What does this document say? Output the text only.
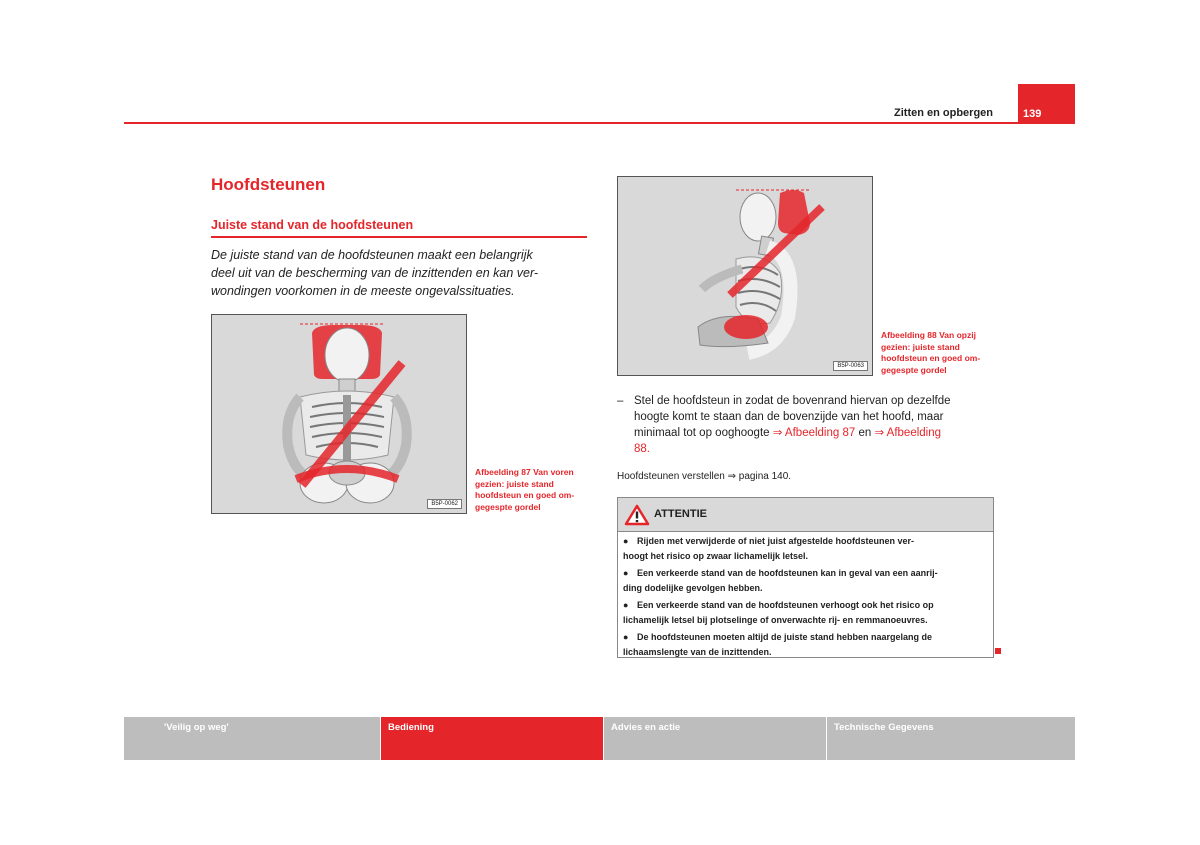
Zitten en opbergen	139
Hoofdsteunen
Juiste stand van de hoofdsteunen
De juiste stand van de hoofdsteunen maakt een belangrijk
deel uit van de bescherming van de inzittenden en kan ver-
wondingen voorkomen in de meeste ongevalssituaties.
B5P-0062
Afbeelding 87 Van voren
gezien: juiste stand
hoofdsteun en goed om-
gegespte gordel
B5P-0063
Afbeelding 88 Van opzij
gezien: juiste stand
hoofdsteun en goed om-
gegespte gordel
– Stel de hoofdsteun in zodat de bovenrand hiervan op dezelfde
hoogte komt te staan dan de bovenzijde van het hoofd, maar
minimaal tot op ooghoogte ⇒ Afbeelding 87 en ⇒ Afbeelding
88.
Hoofdsteunen verstellen ⇒ pagina 140.
ATTENTIE
● Rijden met verwijderde of niet juist afgestelde hoofdsteunen ver-
hoogt het risico op zwaar lichamelijk letsel.
● Een verkeerde stand van de hoofdsteunen kan in geval van een aanrij-
ding dodelijke gevolgen hebben.
● Een verkeerde stand van de hoofdsteunen verhoogt ook het risico op
lichamelijk letsel bij plotselinge of onverwachte rij- en remmanoeuvres.
● De hoofdsteunen moeten altijd de juiste stand hebben naargelang de
lichaamslengte van de inzittenden.
'Veilig op weg'	Bediening	Advies en actie	Technische Gegevens
